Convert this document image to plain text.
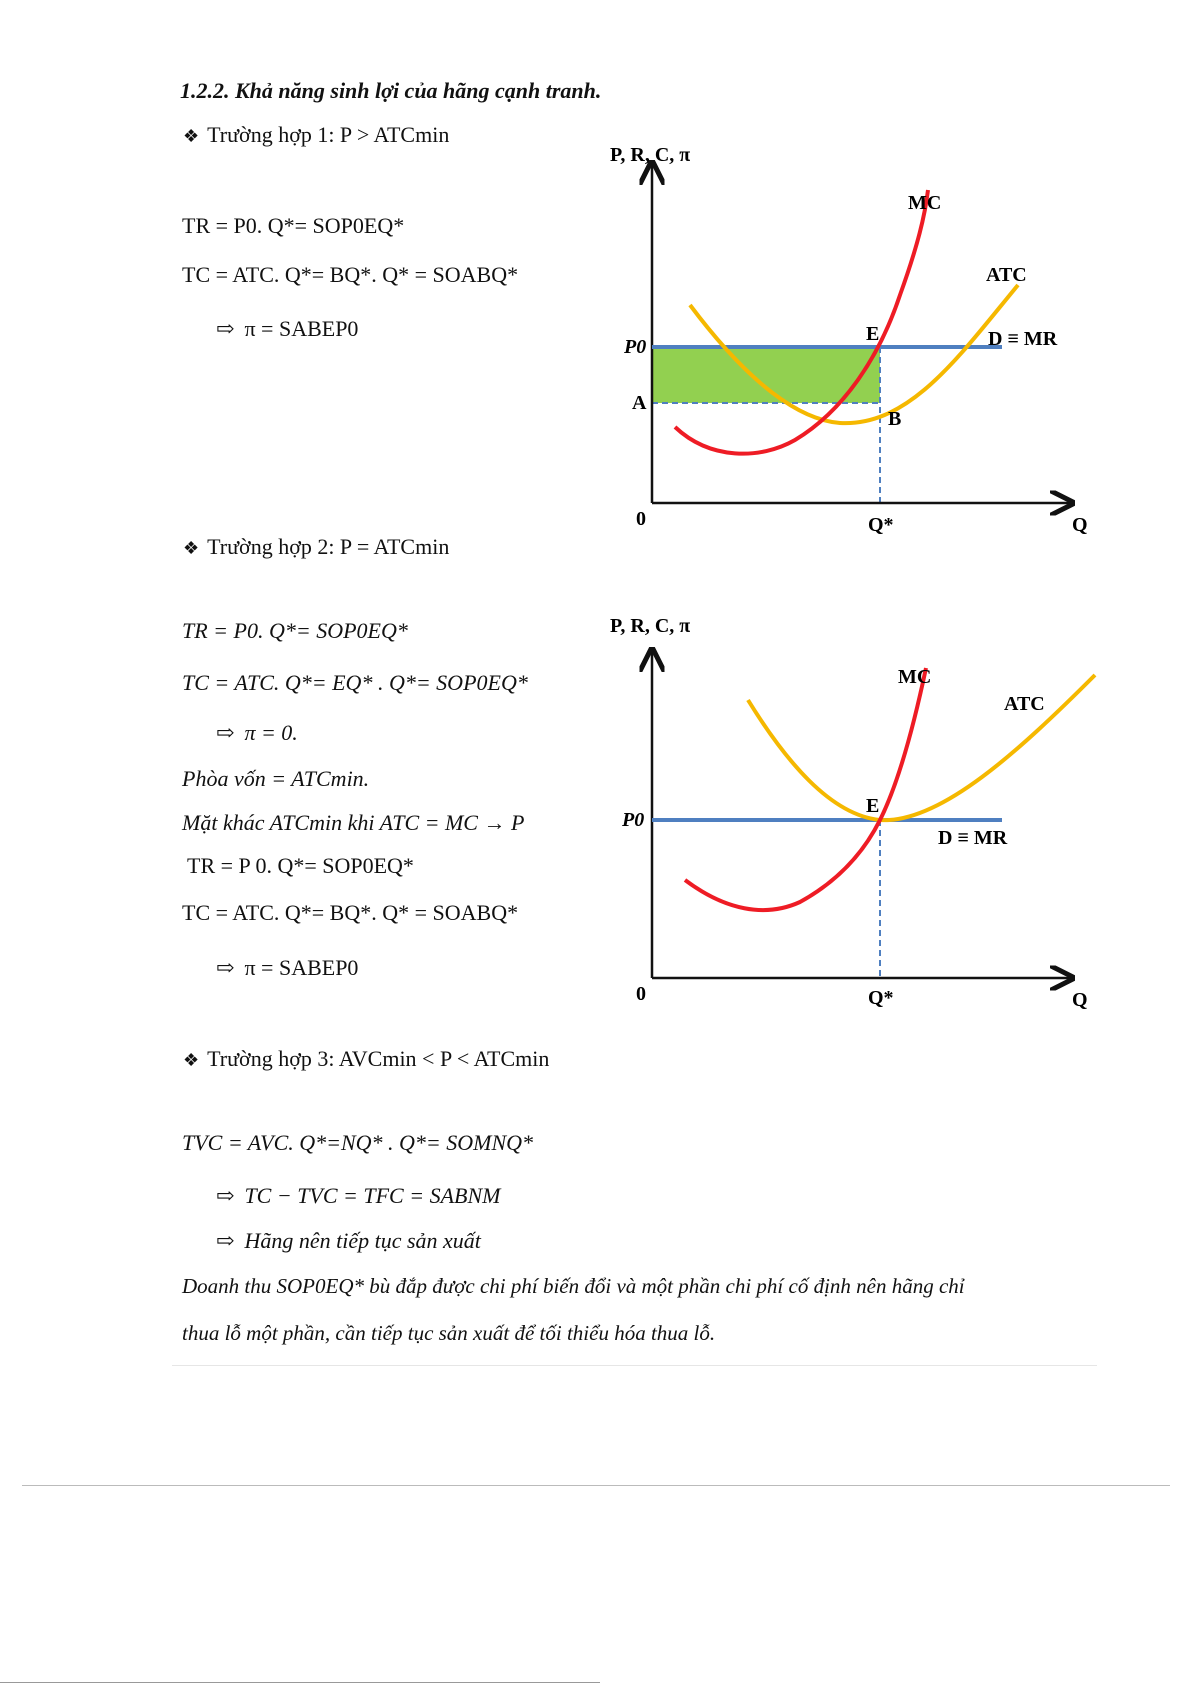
1.2.2. Khả năng sinh lợi của hãng cạnh tranh.
❖ Trường hợp 1: P > ATCmin
TR = P0. Q*= SOP0EQ*
TC = ATC. Q*= BQ*. Q* = SOABQ*
⇨ π = SABEP0
P, R, C, π
Q
0
P0
A
B
E
Q*
MC
ATC
D ≡ MR
❖ Trường hợp 2: P = ATCmin
TR = P0. Q*= SOP0EQ*
TC = ATC. Q*= EQ* . Q*= SOP0EQ*
⇨ π = 0.
Phòa vốn = ATCmin.
Mặt khác ATCmin khi ATC = MC → P
TR = P 0. Q*= SOP0EQ*
TC = ATC. Q*= BQ*. Q* = SOABQ*
⇨ π = SABEP0
P, R, C, π
Q
0
P0
E
Q*
MC
ATC
D ≡ MR
❖ Trường hợp 3: AVCmin < P < ATCmin
TVC = AVC. Q*=NQ* . Q*= SOMNQ*
⇨ TC − TVC = TFC = SABNM
⇨ Hãng nên tiếp tục sản xuất
Doanh thu SOP0EQ* bù đắp được chi phí biến đổi và một phần chi phí cố định nên hãng chỉ
thua lỗ một phần, cần tiếp tục sản xuất để tối thiểu hóa thua lỗ.
